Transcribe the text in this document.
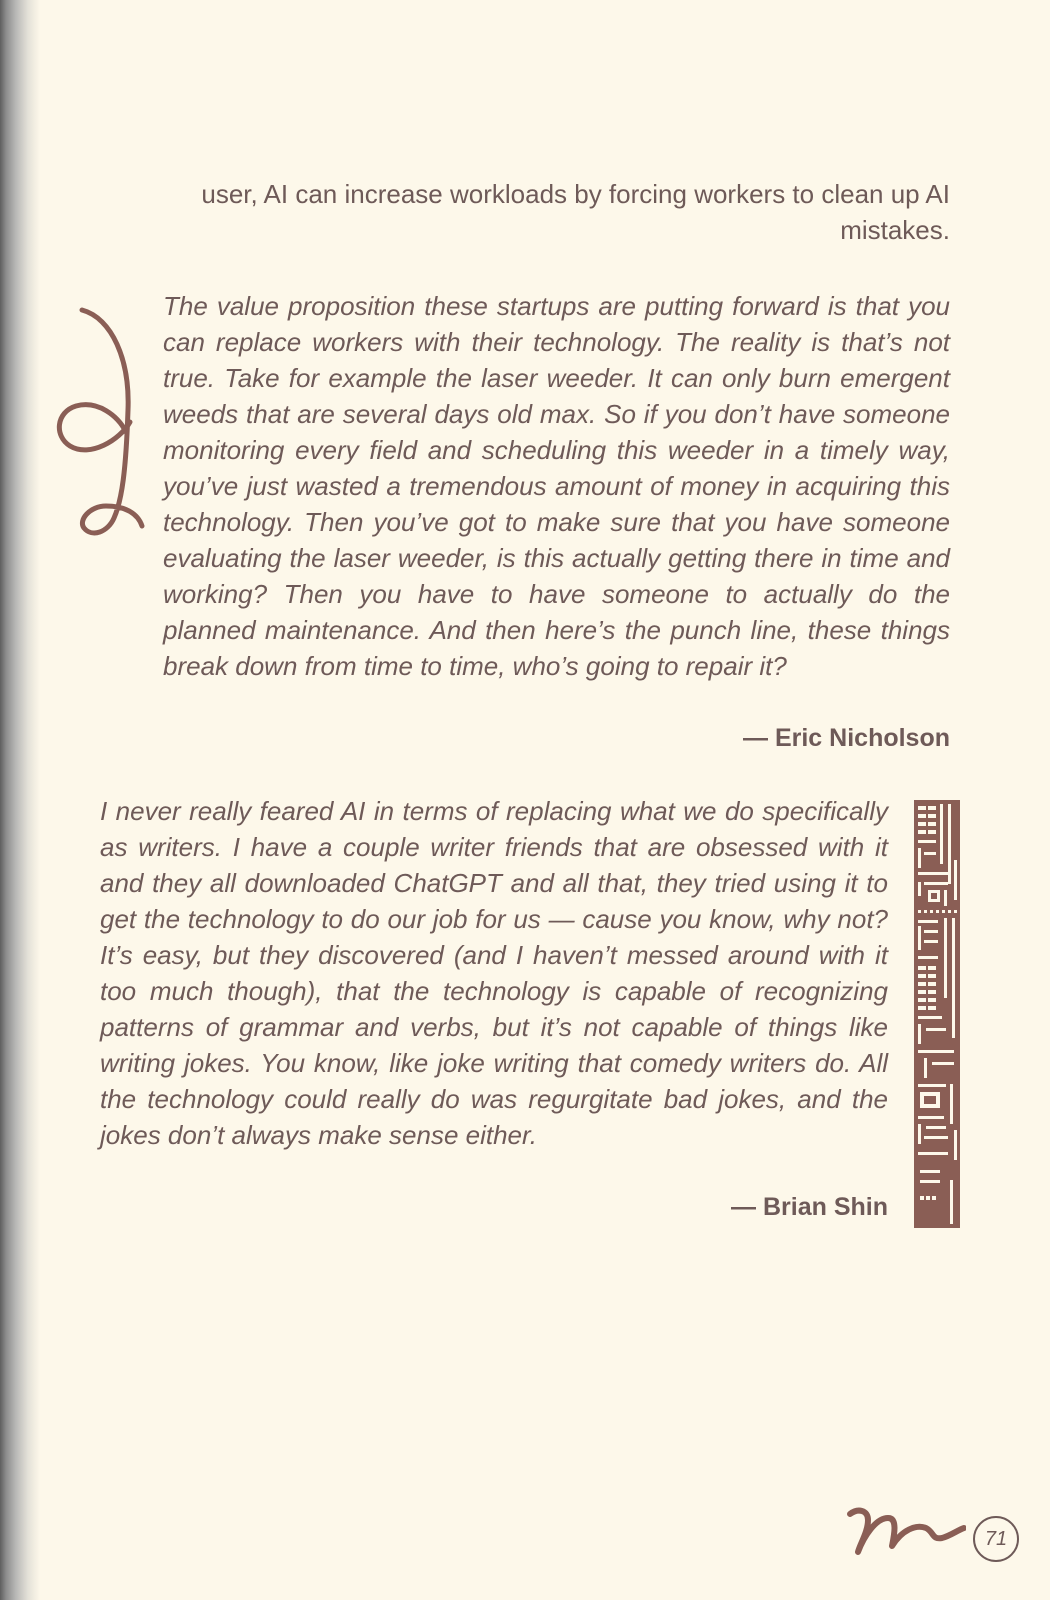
user, AI can increase workloads by forcing workers to clean up AI mistakes.

The value proposition these startups are putting forward is that you can replace workers with their technology. The reality is that’s not true. Take for example the laser weeder. It can only burn emergent weeds that are several days old max. So if you don’t have someone monitoring every field and scheduling this weeder in a timely way, you’ve just wasted a tremendous amount of money in acquiring this technology. Then you’ve got to make sure that you have someone evaluating the laser weeder, is this actually getting there in time and working? Then you have to have someone to actually do the planned maintenance. And then here’s the punch line, these things break down from time to time, who’s going to repair it?

— Eric Nicholson

I never really feared AI in terms of replacing what we do specifically as writers. I have a couple writer friends that are obsessed with it and they all downloaded ChatGPT and all that, they tried using it to get the technology to do our job for us — cause you know, why not? It’s easy, but they discovered (and I haven’t messed around with it too much though), that the technology is capable of recognizing patterns of grammar and verbs, but it’s not capable of things like writing jokes. You know, like joke writing that comedy writers do. All the technology could really do was regurgitate bad jokes, and the jokes don’t always make sense either.

— Brian Shin

71
